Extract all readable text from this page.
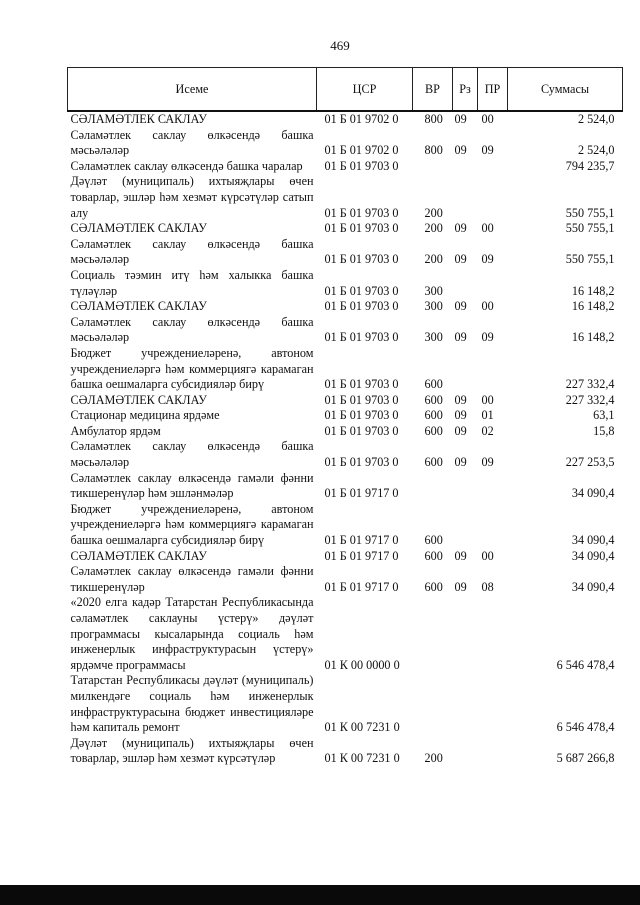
469
Исеме	ЦСР	ВР	Рз	ПР	Суммасы
СӘЛАМӘТЛЕК САКЛАУ	01 Б 01 9702 0	800	09	00	2 524,0
Сәламәтлек саклау өлкәсендә башка мәсьәләләр	01 Б 01 9702 0	800	09	09	2 524,0
Сәламәтлек саклау өлкәсендә башка чаралар	01 Б 01 9703 0				794 235,7
Дәүләт (муниципаль) ихтыяҗлары өчен товарлар, эшләр һәм хезмәт күрсәтүләр сатып алу	01 Б 01 9703 0	200			550 755,1
СӘЛАМӘТЛЕК САКЛАУ	01 Б 01 9703 0	200	09	00	550 755,1
Сәламәтлек саклау өлкәсендә башка мәсьәләләр	01 Б 01 9703 0	200	09	09	550 755,1
Социаль тәэмин итү һәм халыкка башка түләүләр	01 Б 01 9703 0	300			16 148,2
СӘЛАМӘТЛЕК САКЛАУ	01 Б 01 9703 0	300	09	00	16 148,2
Сәламәтлек саклау өлкәсендә башка мәсьәләләр	01 Б 01 9703 0	300	09	09	16 148,2
Бюджет учреждениеләренә, автоном учреждениеләргә һәм коммерциягә карамаган башка оешмаларга субсидияләр бирү	01 Б 01 9703 0	600			227 332,4
СӘЛАМӘТЛЕК САКЛАУ	01 Б 01 9703 0	600	09	00	227 332,4
Стационар медицина ярдәме	01 Б 01 9703 0	600	09	01	63,1
Амбулатор ярдәм	01 Б 01 9703 0	600	09	02	15,8
Сәламәтлек саклау өлкәсендә башка мәсьәләләр	01 Б 01 9703 0	600	09	09	227 253,5
Сәламәтлек саклау өлкәсендә гамәли фәнни тикшеренүләр һәм эшләнмәләр	01 Б 01 9717 0				34 090,4
Бюджет учреждениеләренә, автоном учреждениеләргә һәм коммерциягә карамаган башка оешмаларга субсидияләр бирү	01 Б 01 9717 0	600			34 090,4
СӘЛАМӘТЛЕК САКЛАУ	01 Б 01 9717 0	600	09	00	34 090,4
Сәламәтлек саклау өлкәсендә гамәли фәнни тикшеренүләр	01 Б 01 9717 0	600	09	08	34 090,4
«2020 елга кадәр Татарстан Республикасында сәламәтлек саклауны үстерү» дәүләт программасы кысаларында социаль һәм инженерлык инфраструктурасын үстерү» ярдәмче программасы	01 К 00 0000 0				6 546 478,4
Татарстан Республикасы дәүләт (муниципаль) милкендәге социаль һәм инженерлык инфраструктурасына бюджет инвестицияләре һәм капиталь ремонт	01 К 00 7231 0				6 546 478,4
Дәүләт (муниципаль) ихтыяҗлары өчен товарлар, эшләр һәм хезмәт күрсәтүләр	01 К 00 7231 0	200			5 687 266,8
